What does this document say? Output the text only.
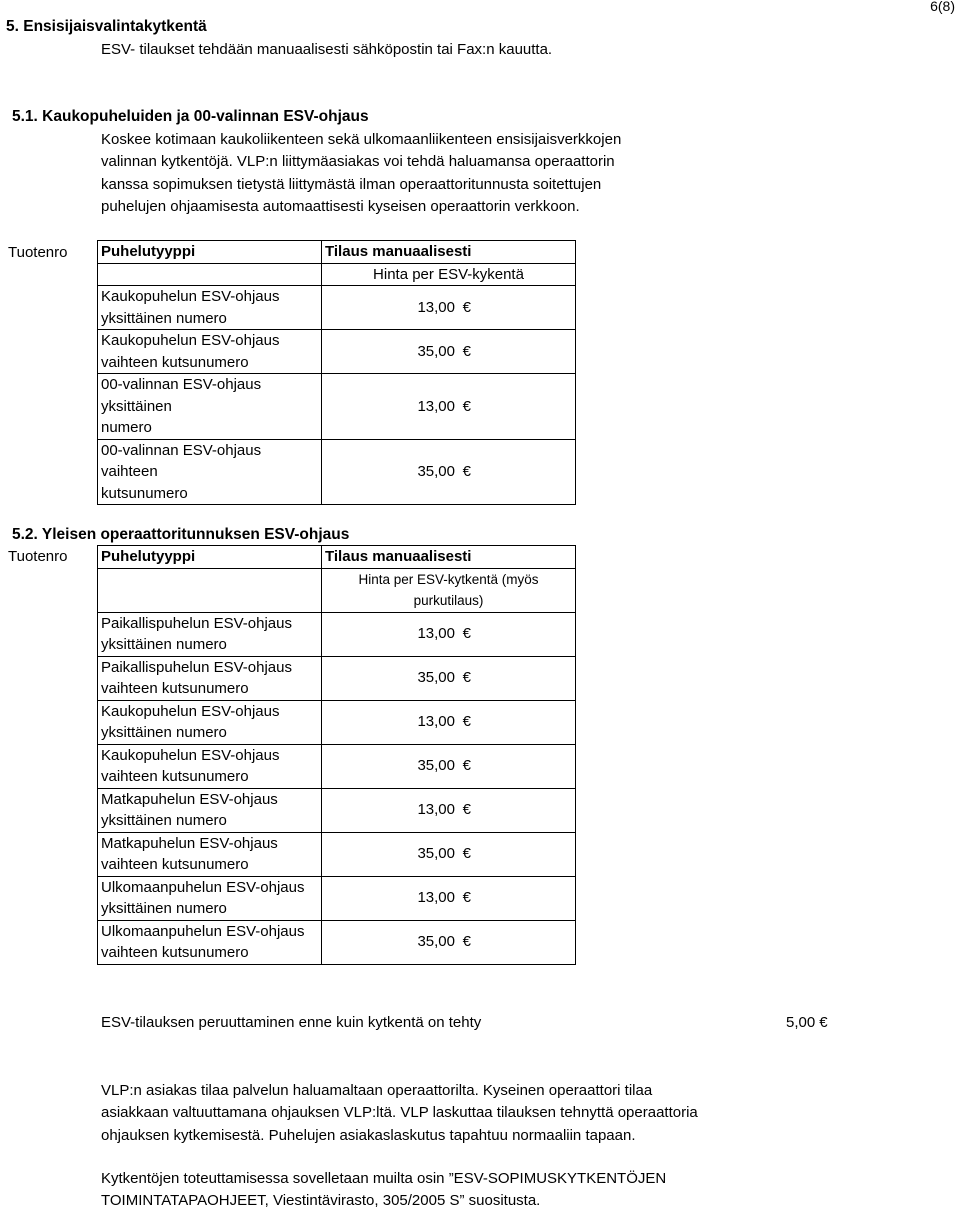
6(8)
5. Ensisijaisvalintakytkentä
ESV- tilaukset tehdään manuaalisesti sähköpostin tai Fax:n kauutta.
5.1. Kaukopuheluiden ja 00-valinnan ESV-ohjaus
Koskee kotimaan kaukoliikenteen sekä ulkomaanliikenteen ensisijaisverkkojen
valinnan kytkentöjä. VLP:n liittymäasiakas voi tehdä haluamansa operaattorin
kanssa sopimuksen tietystä liittymästä ilman operaattoritunnusta soitettujen
puhelujen ohjaamisesta automaattisesti kyseisen operaattorin verkkoon.
Tuotenro Puhelutyyppi	Tilaus manuaalisesti
	Hinta per ESV-kykentä

Kaukopuhelun ESV-ohjaus
yksittäinen numero	13,00 €

Kaukopuhelun ESV-ohjaus
vaihteen kutsunumero	35,00 €

00-valinnan ESV-ohjaus yksittäinen
numero	13,00 €

00-valinnan ESV-ohjaus vaihteen
kutsunumero	35,00 €
5.2. Yleisen operaattoritunnuksen ESV-ohjaus
Tuotenro Puhelutyyppi	Tilaus manuaalisesti
	Hinta per ESV-kytkentä (myös purkutilaus)

Paikallispuhelun ESV-ohjaus
yksittäinen numero	13,00 €

Paikallispuhelun ESV-ohjaus
vaihteen kutsunumero	35,00 €

Kaukopuhelun ESV-ohjaus
yksittäinen numero	13,00 €

Kaukopuhelun ESV-ohjaus
vaihteen kutsunumero	35,00 €

Matkapuhelun ESV-ohjaus
yksittäinen numero	13,00 €

Matkapuhelun ESV-ohjaus
vaihteen kutsunumero	35,00 €

Ulkomaanpuhelun ESV-ohjaus
yksittäinen numero	13,00 €

Ulkomaanpuhelun ESV-ohjaus
vaihteen kutsunumero	35,00 €
ESV-tilauksen peruuttaminen enne kuin kytkentä on tehty	5,00 €
VLP:n asiakas tilaa palvelun haluamaltaan operaattorilta. Kyseinen operaattori tilaa
asiakkaan valtuuttamana ohjauksen VLP:ltä. VLP laskuttaa tilauksen tehnyttä operaattoria
ohjauksen kytkemisestä. Puhelujen asiakaslaskutus tapahtuu normaaliin tapaan.
Kytkentöjen toteuttamisessa sovelletaan muilta osin ”ESV-SOPIMUSKYTKENTÖJEN
TOIMINTATAPAOHJEET, Viestintävirasto, 305/2005 S” suositusta.
